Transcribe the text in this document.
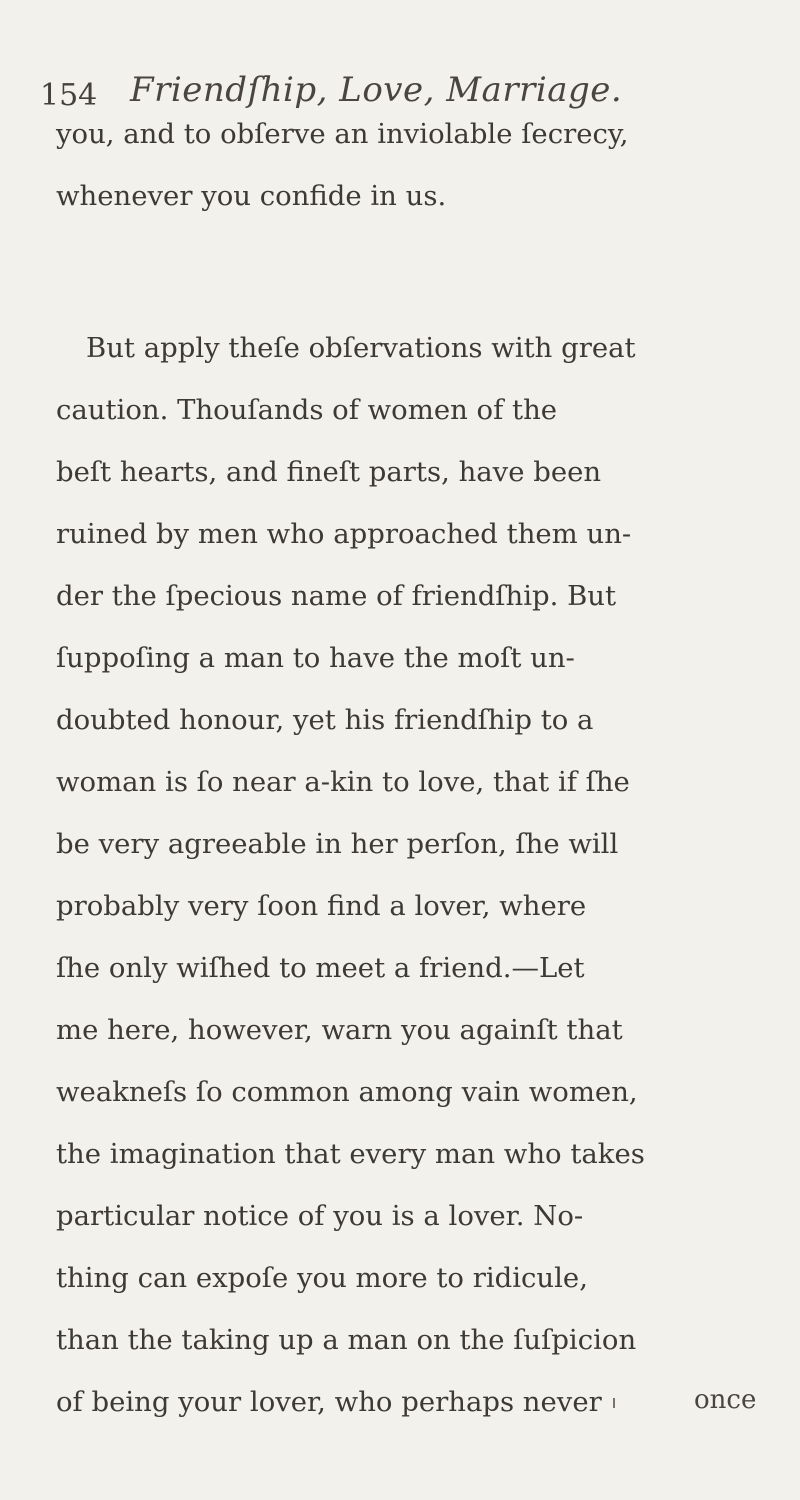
154 Friendſhip, Love, Marriage.
you, and to obſerve an inviolable ſecrecy,
whenever you confide in us.
But apply theſe obſervations with great
caution. Thouſands of women of the
beſt hearts, and fineſt parts, have been
ruined by men who approached them un-
der the ſpecious name of friendſhip. But
ſuppoſing a man to have the moſt un-
doubted honour, yet his friendſhip to a
woman is ſo near a-kin to love, that if ſhe
be very agreeable in her perſon, ſhe will
probably very ſoon find a lover, where
ſhe only wiſhed to meet a friend.—Let
me here, however, warn you againſt that
weakneſs ſo common among vain women,
the imagination that every man who takes
particular notice of you is a lover. No-
thing can expoſe you more to ridicule,
than the taking up a man on the ſuſpicion
of being your lover, who perhaps never	once
